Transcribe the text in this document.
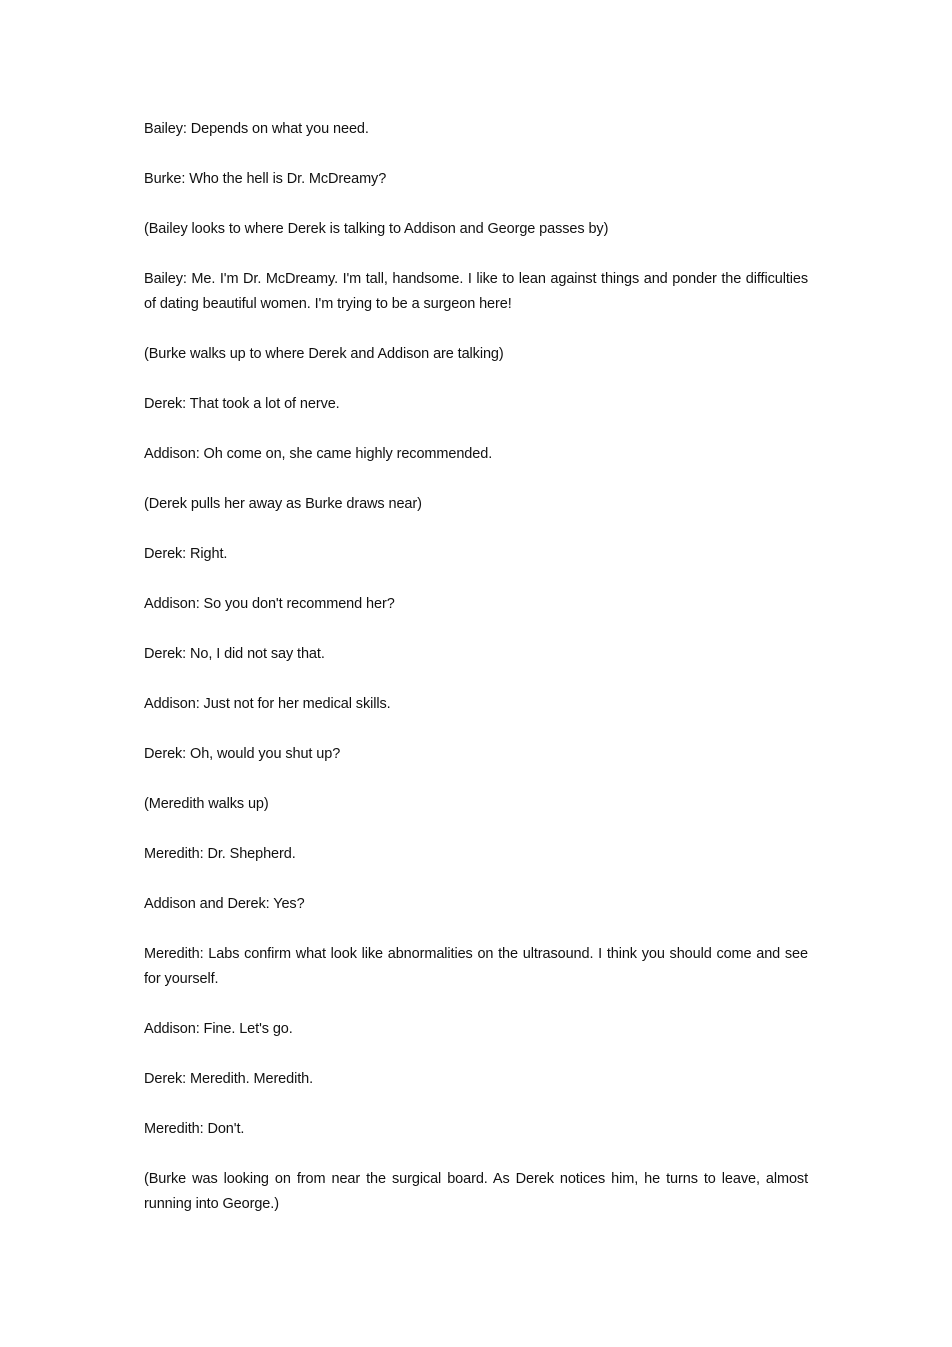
Bailey: Depends on what you need.

Burke: Who the hell is Dr. McDreamy?

(Bailey looks to where Derek is talking to Addison and George passes by)

Bailey: Me. I'm Dr. McDreamy. I'm tall, handsome. I like to lean against things and ponder the difficulties of dating beautiful women. I'm trying to be a surgeon here!

(Burke walks up to where Derek and Addison are talking)

Derek: That took a lot of nerve.

Addison: Oh come on, she came highly recommended.

(Derek pulls her away as Burke draws near)

Derek: Right.

Addison: So you don't recommend her?

Derek: No, I did not say that.

Addison: Just not for her medical skills.

Derek: Oh, would you shut up?

(Meredith walks up)

Meredith: Dr. Shepherd.

Addison and Derek: Yes?

Meredith: Labs confirm what look like abnormalities on the ultrasound. I think you should come and see for yourself.

Addison: Fine. Let's go.

Derek: Meredith. Meredith.

Meredith: Don't.

(Burke was looking on from near the surgical board. As Derek notices him, he turns to leave, almost running into George.)
